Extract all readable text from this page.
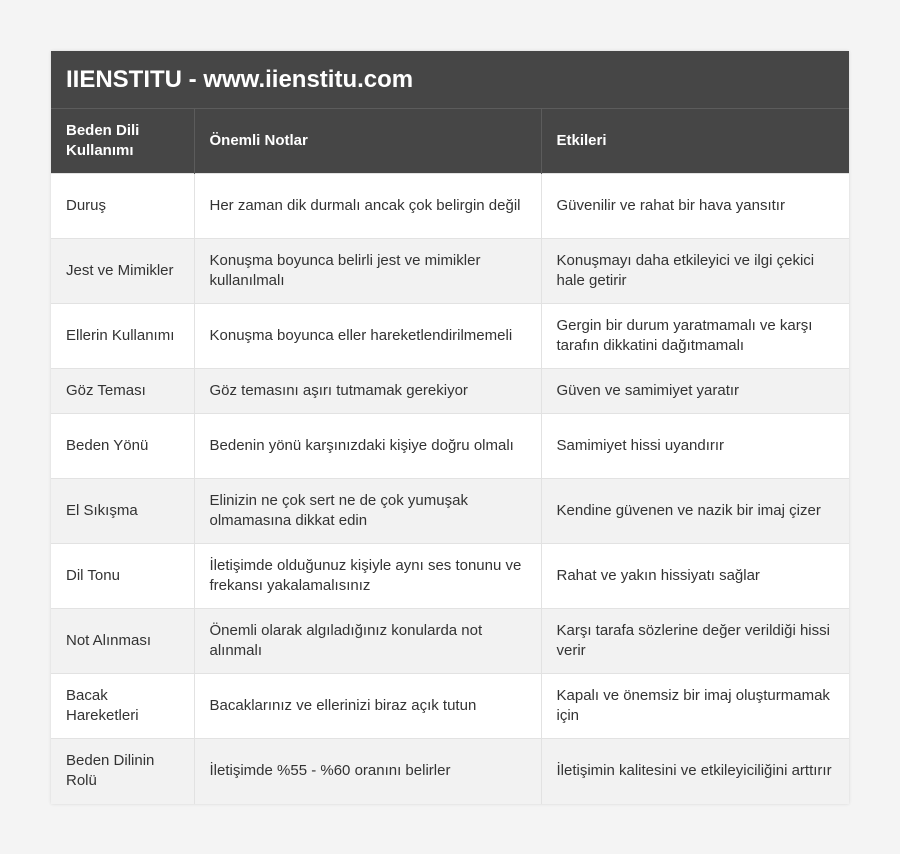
IIENSTITU - www.iienstitu.com
Beden Dili Kullanımı	Önemli Notlar	Etkileri
Duruş	Her zaman dik durmalı ancak çok belirgin değil	Güvenilir ve rahat bir hava yansıtır
Jest ve Mimikler	Konuşma boyunca belirli jest ve mimikler kullanılmalı	Konuşmayı daha etkileyici ve ilgi çekici hale getirir
Ellerin Kullanımı	Konuşma boyunca eller hareketlendirilmemeli	Gergin bir durum yaratmamalı ve karşı tarafın dikkatini dağıtmamalı
Göz Teması	Göz temasını aşırı tutmamak gerekiyor	Güven ve samimiyet yaratır
Beden Yönü	Bedenin yönü karşınızdaki kişiye doğru olmalı	Samimiyet hissi uyandırır
El Sıkışma	Elinizin ne çok sert ne de çok yumuşak olmamasına dikkat edin	Kendine güvenen ve nazik bir imaj çizer
Dil Tonu	İletişimde olduğunuz kişiyle aynı ses tonunu ve frekansı yakalamalısınız	Rahat ve yakın hissiyatı sağlar
Not Alınması	Önemli olarak algıladığınız konularda not alınmalı	Karşı tarafa sözlerine değer verildiği hissi verir
Bacak Hareketleri	Bacaklarınız ve ellerinizi biraz açık tutun	Kapalı ve önemsiz bir imaj oluşturmamak için
Beden Dilinin Rolü	İletişimde %55 - %60 oranını belirler	İletişimin kalitesini ve etkileyiciliğini arttırır
